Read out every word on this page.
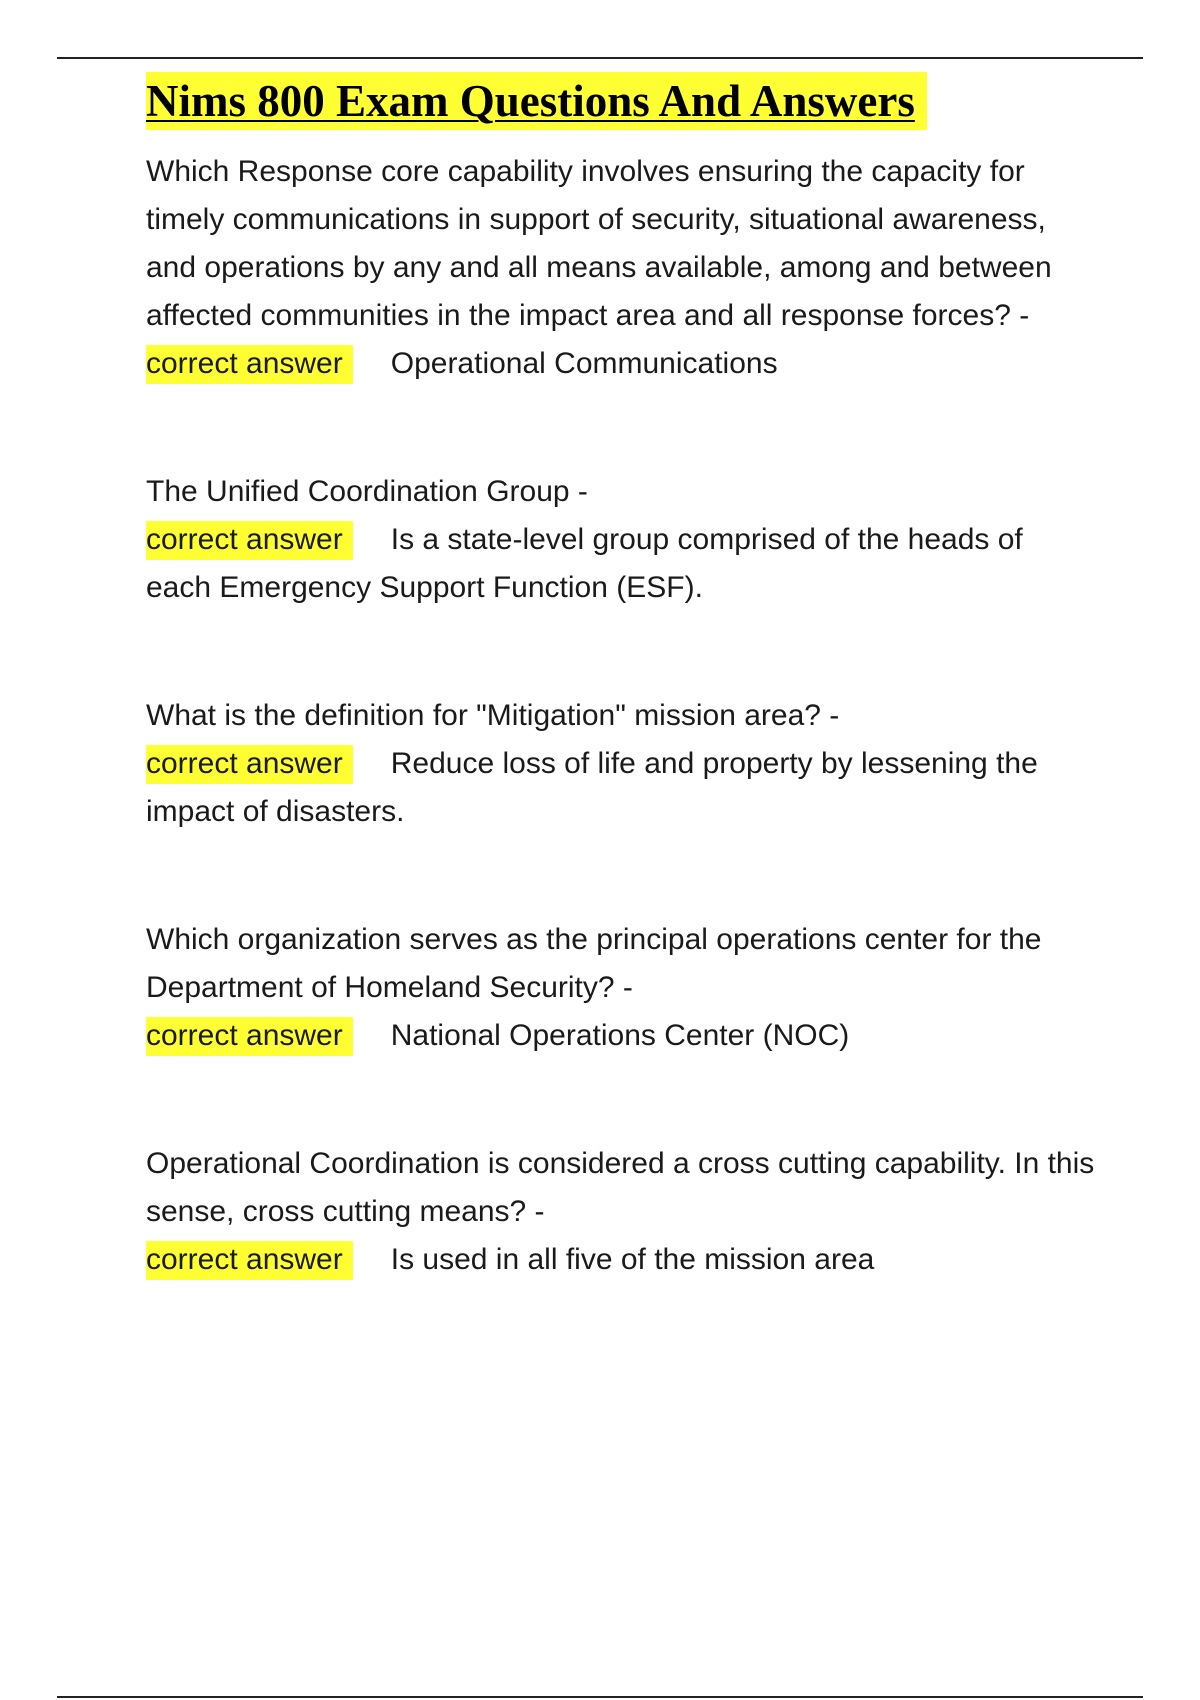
Nims 800 Exam Questions And Answers

Which Response core capability involves ensuring the capacity for timely communications in support of security, situational awareness, and operations by any and all means available, among and between affected communities in the impact area and all response forces? -

correct answer Operational Communications

The Unified Coordination Group -

correct answer Is a state-level group comprised of the heads of each Emergency Support Function (ESF).

What is the definition for "Mitigation" mission area? -

correct answer Reduce loss of life and property by lessening the impact of disasters.

Which organization serves as the principal operations center for the Department of Homeland Security? -

correct answer National Operations Center (NOC)

Operational Coordination is considered a cross cutting capability. In this sense, cross cutting means? -

correct answer Is used in all five of the mission area
